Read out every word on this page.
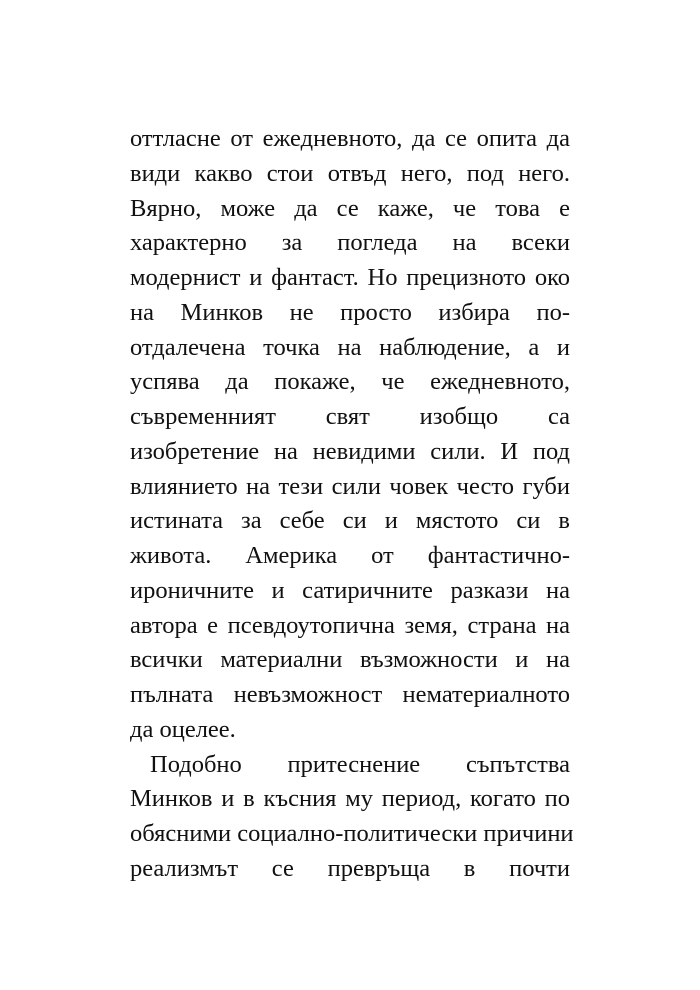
оттласне от ежедневното, да се опита да
види какво стои отвъд него, под него.
Вярно, може да се каже, че това е
характерно за погледа на всеки
модернист и фантаст. Но прецизното око
на Минков не просто избира по-
отдалечена точка на наблюдение, а и
успява да покаже, че ежедневното,
съвременният свят изобщо са
изобретение на невидими сили. И под
влиянието на тези сили човек често губи
истината за себе си и мястото си в
живота. Америка от фантастично-
ироничните и сатиричните разкази на
автора е псевдоутопична земя, страна на
всички материални възможности и на
пълната невъзможност нематериалното
да оцелее.
Подобно притеснение съпътства
Минков и в късния му период, когато по
обясними социално-политически причини
реализмът се превръща в почти
